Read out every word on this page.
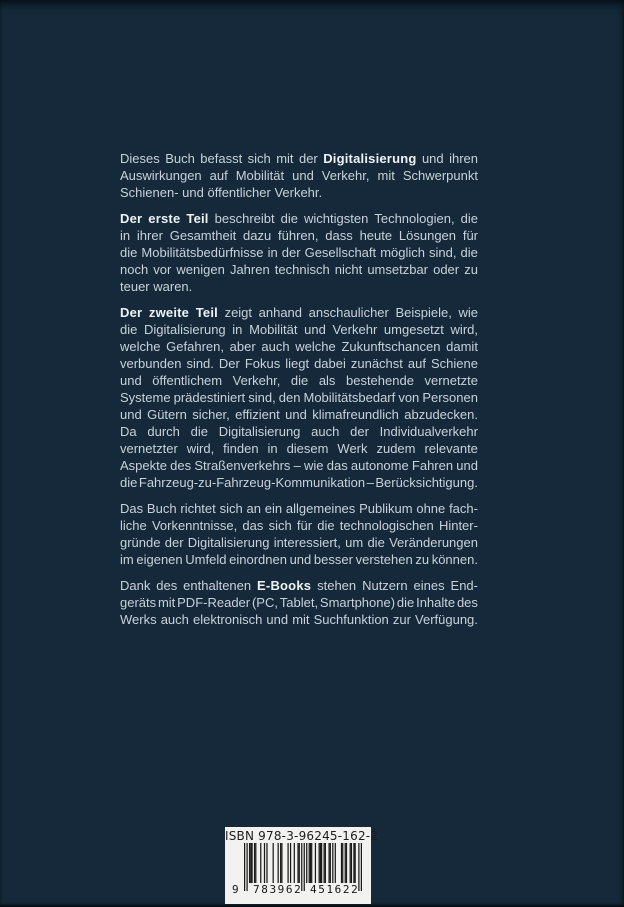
Dieses Buch befasst sich mit der Digitalisierung und ihren
Auswirkungen auf Mobilität und Verkehr, mit Schwerpunkt
Schienen- und öffentlicher Verkehr.
Der erste Teil beschreibt die wichtigsten Technologien, die
in ihrer Gesamtheit dazu führen, dass heute Lösungen für
die Mobilitätsbedürfnisse in der Gesellschaft möglich sind, die
noch vor wenigen Jahren technisch nicht umsetzbar oder zu
teuer waren.
Der zweite Teil zeigt anhand anschaulicher Beispiele, wie
die Digitalisierung in Mobilität und Verkehr umgesetzt wird,
welche Gefahren, aber auch welche Zukunftschancen damit
verbunden sind. Der Fokus liegt dabei zunächst auf Schiene
und öffentlichem Verkehr, die als bestehende vernetzte
Systeme prädestiniert sind, den Mobilitätsbedarf von Personen
und Gütern sicher, effizient und klimafreundlich abzudecken.
Da durch die Digitalisierung auch der Individualverkehr
vernetzter wird, finden in diesem Werk zudem relevante
Aspekte des Straßenverkehrs – wie das autonome Fahren und
die Fahrzeug-zu-Fahrzeug-Kommunikation – Berücksichtigung.
Das Buch richtet sich an ein allgemeines Publikum ohne fach-
liche Vorkenntnisse, das sich für die technologischen Hinter-
gründe der Digitalisierung interessiert, um die Veränderungen
im eigenen Umfeld einordnen und besser verstehen zu können.
Dank des enthaltenen E-Books stehen Nutzern eines End-
geräts mit PDF-Reader (PC, Tablet, Smartphone) die Inhalte des
Werks auch elektronisch und mit Suchfunktion zur Verfügung.
ISBN 978-3-96245-162-2
9 783962 451622
